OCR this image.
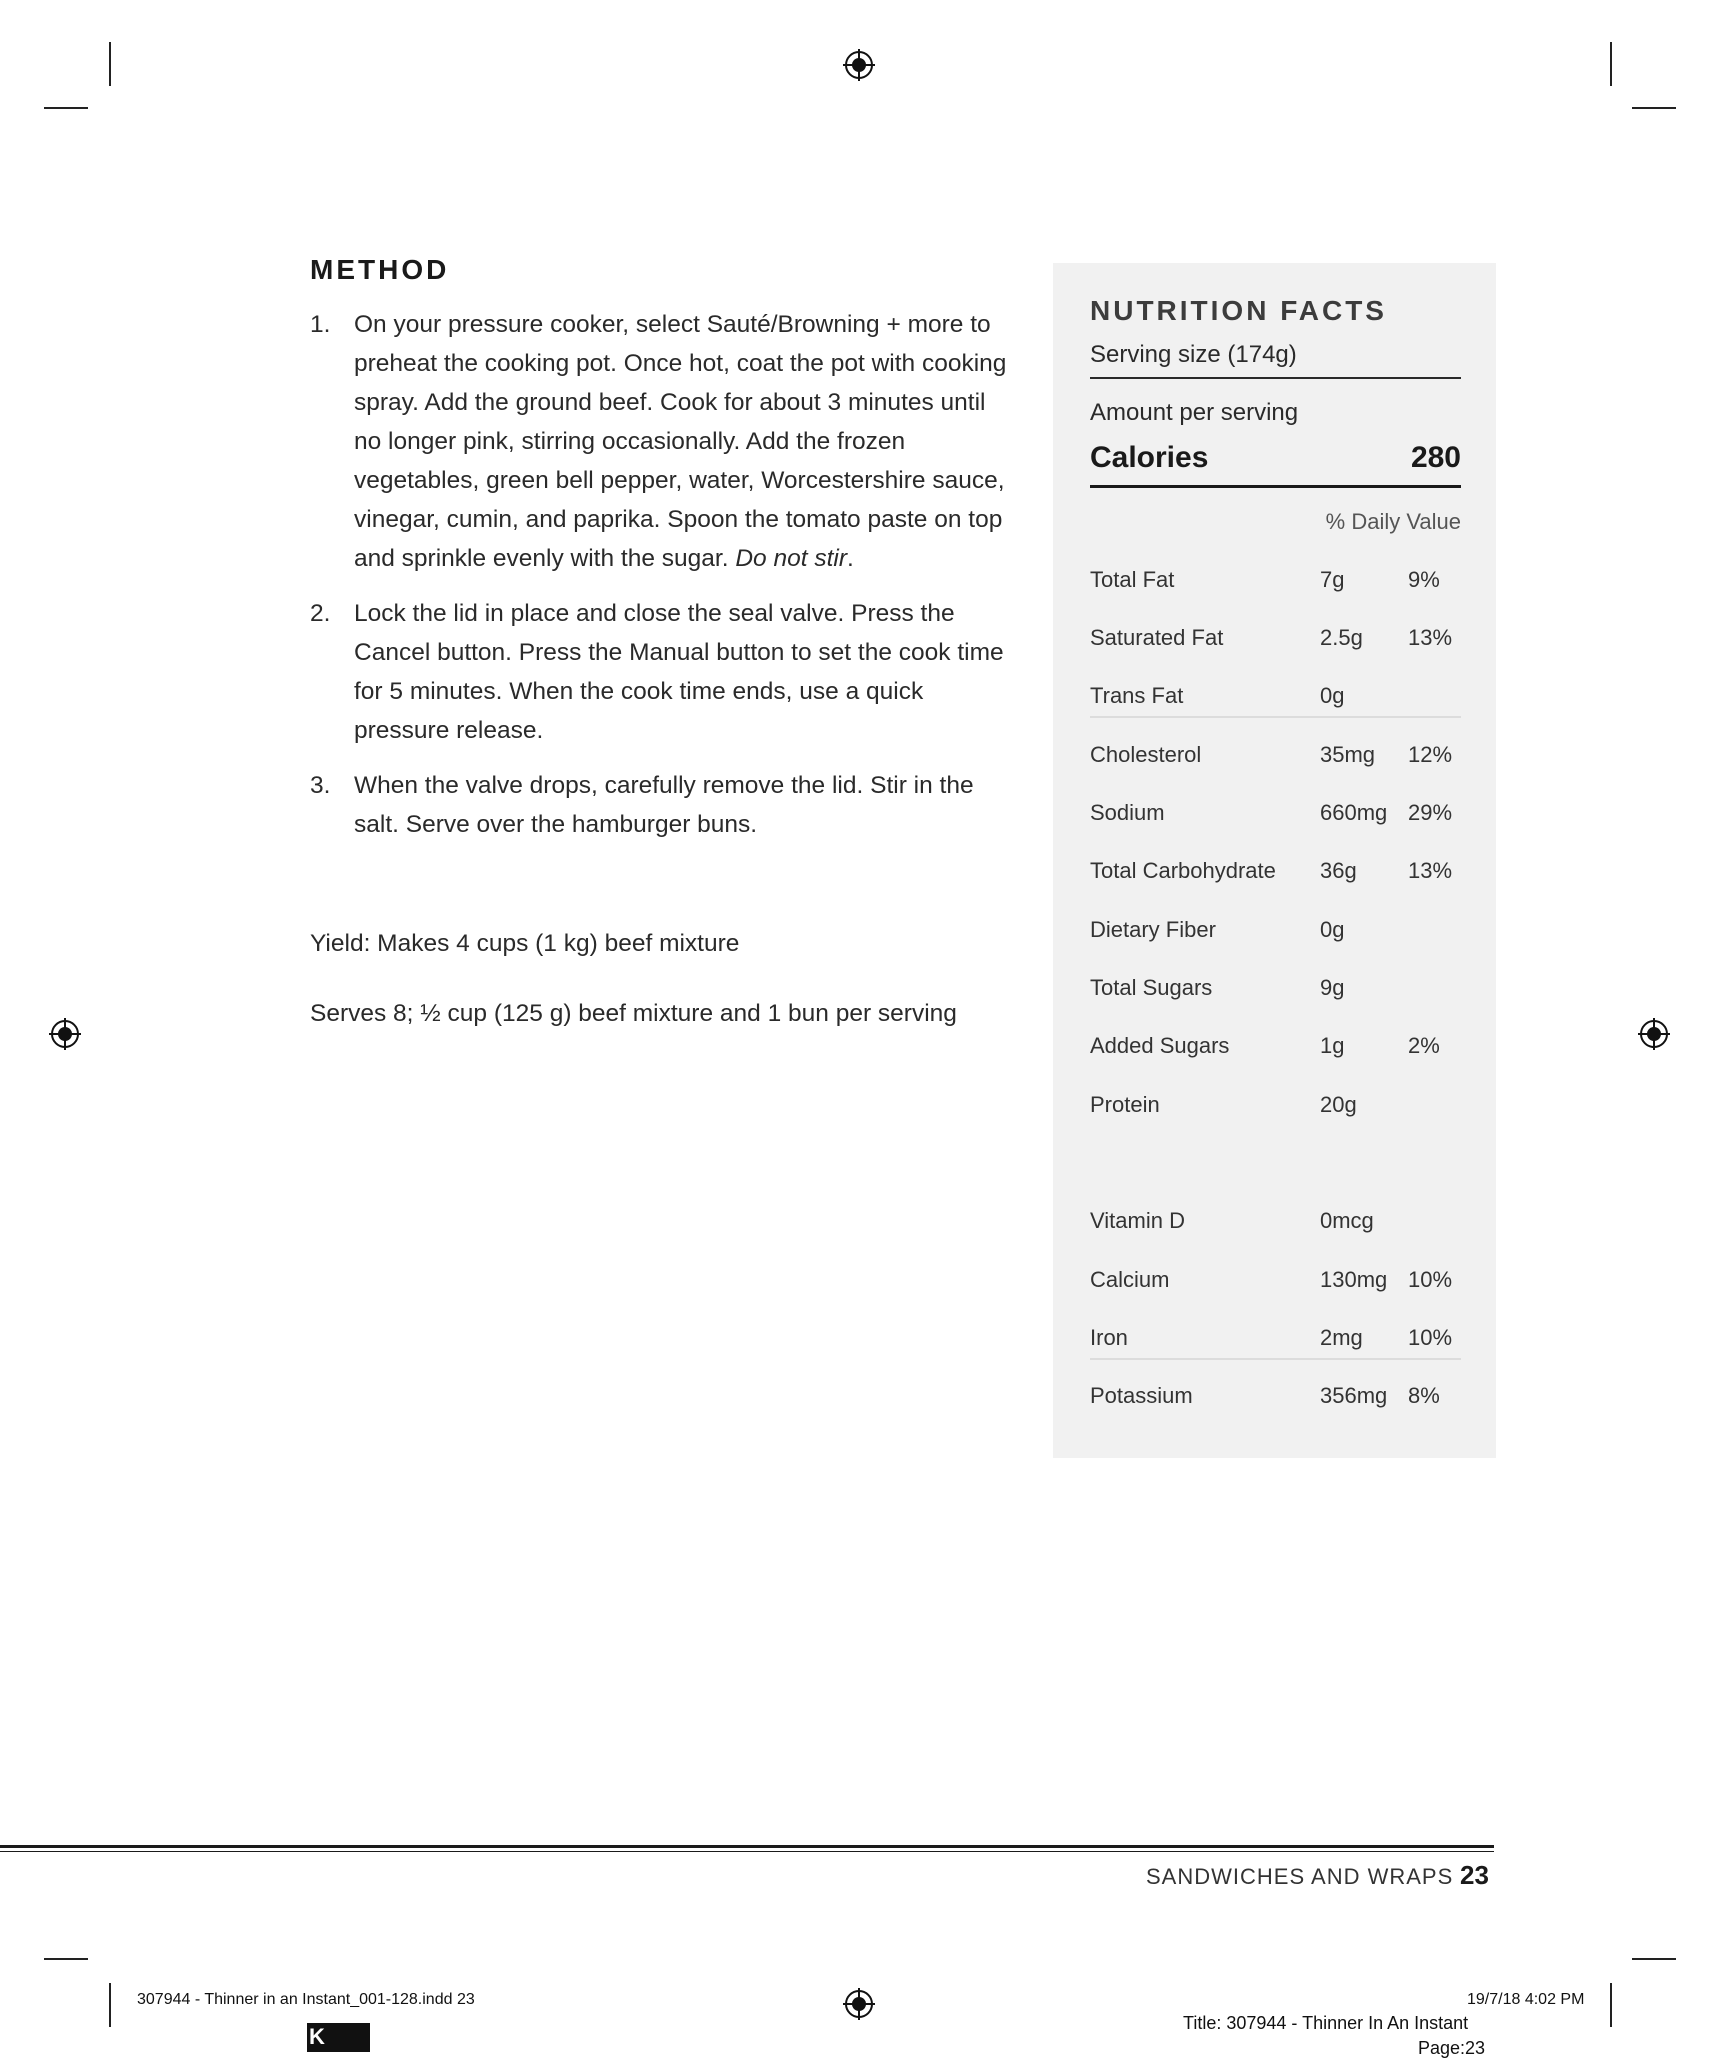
METHOD
1. On your pressure cooker, select Sauté/Browning + more to preheat the cooking pot. Once hot, coat the pot with cooking spray. Add the ground beef. Cook for about 3 minutes until no longer pink, stirring occasionally. Add the frozen vegetables, green bell pepper, water, Worcestershire sauce, vinegar, cumin, and paprika. Spoon the tomato paste on top and sprinkle evenly with the sugar. Do not stir.
2. Lock the lid in place and close the seal valve. Press the Cancel button. Press the Manual button to set the cook time for 5 minutes. When the cook time ends, use a quick pressure release.
3. When the valve drops, carefully remove the lid. Stir in the salt. Serve over the hamburger buns.
Yield: Makes 4 cups (1 kg) beef mixture
Serves 8; ½ cup (125 g) beef mixture and 1 bun per serving
NUTRITION FACTS
Serving size (174g)
Amount per serving
Calories	280
% Daily Value
Total Fat	7g	9%
Saturated Fat	2.5g 13%
Trans Fat	0g
Cholesterol	35mg 12%
Sodium	660mg 29%
Total Carbohydrate 36g 13%
Dietary Fiber	0g
Total Sugars	9g
Added Sugars	1g	2%
Protein	20g
Vitamin D	0mcg
Calcium	130mg 10%
Iron	2mg 10%
Potassium	356mg 8%
SANDWICHES AND WRAPS 23
307944 - Thinner in an Instant_001-128.indd 23	19/7/18 4:02 PM
Title: 307944 - Thinner In An Instant
Page:23
K
